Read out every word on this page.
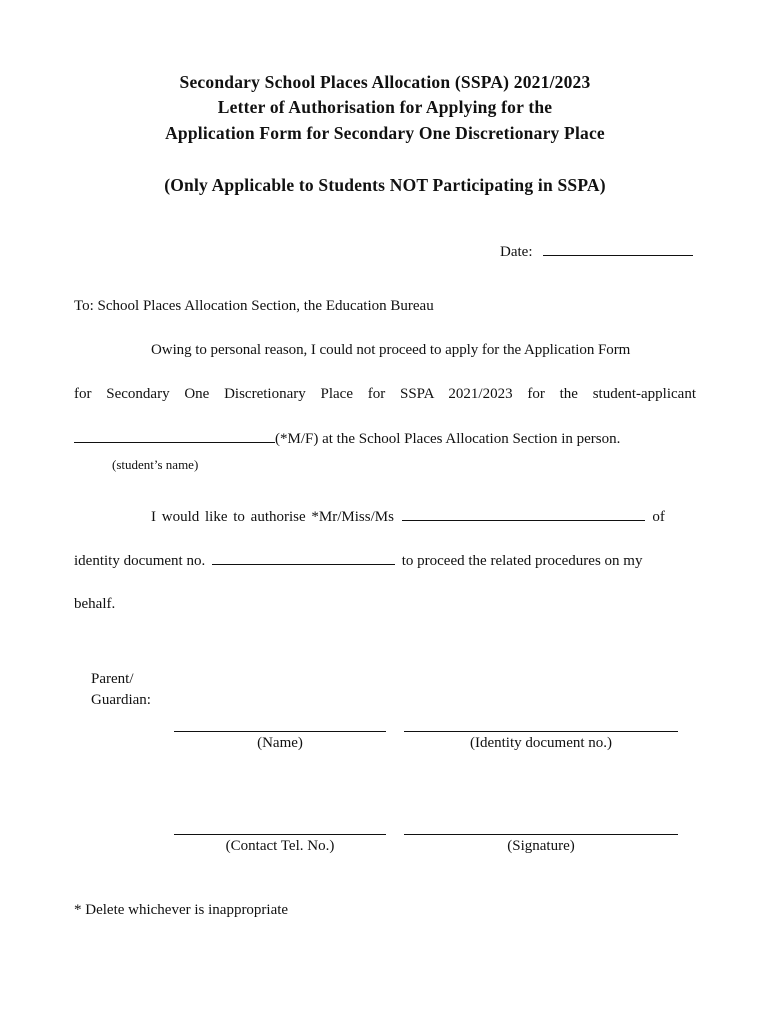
Secondary School Places Allocation (SSPA) 2021/2023
Letter of Authorisation for Applying for the
Application Form for Secondary One Discretionary Place
(Only Applicable to Students NOT Participating in SSPA)
Date:
To: School Places Allocation Section, the Education Bureau
Owing to personal reason, I could not proceed to apply for the Application Form
for Secondary One Discretionary Place for SSPA 2021/2023 for the student-applicant
(*M/F) at the School Places Allocation Section in person.
(student’s name)
I would like to authorise *Mr/Miss/Ms	of
identity document no.	to proceed the related procedures on my
behalf.
Parent/
Guardian:
(Name)	(Identity document no.)
(Contact Tel. No.)	(Signature)
* Delete whichever is inappropriate
